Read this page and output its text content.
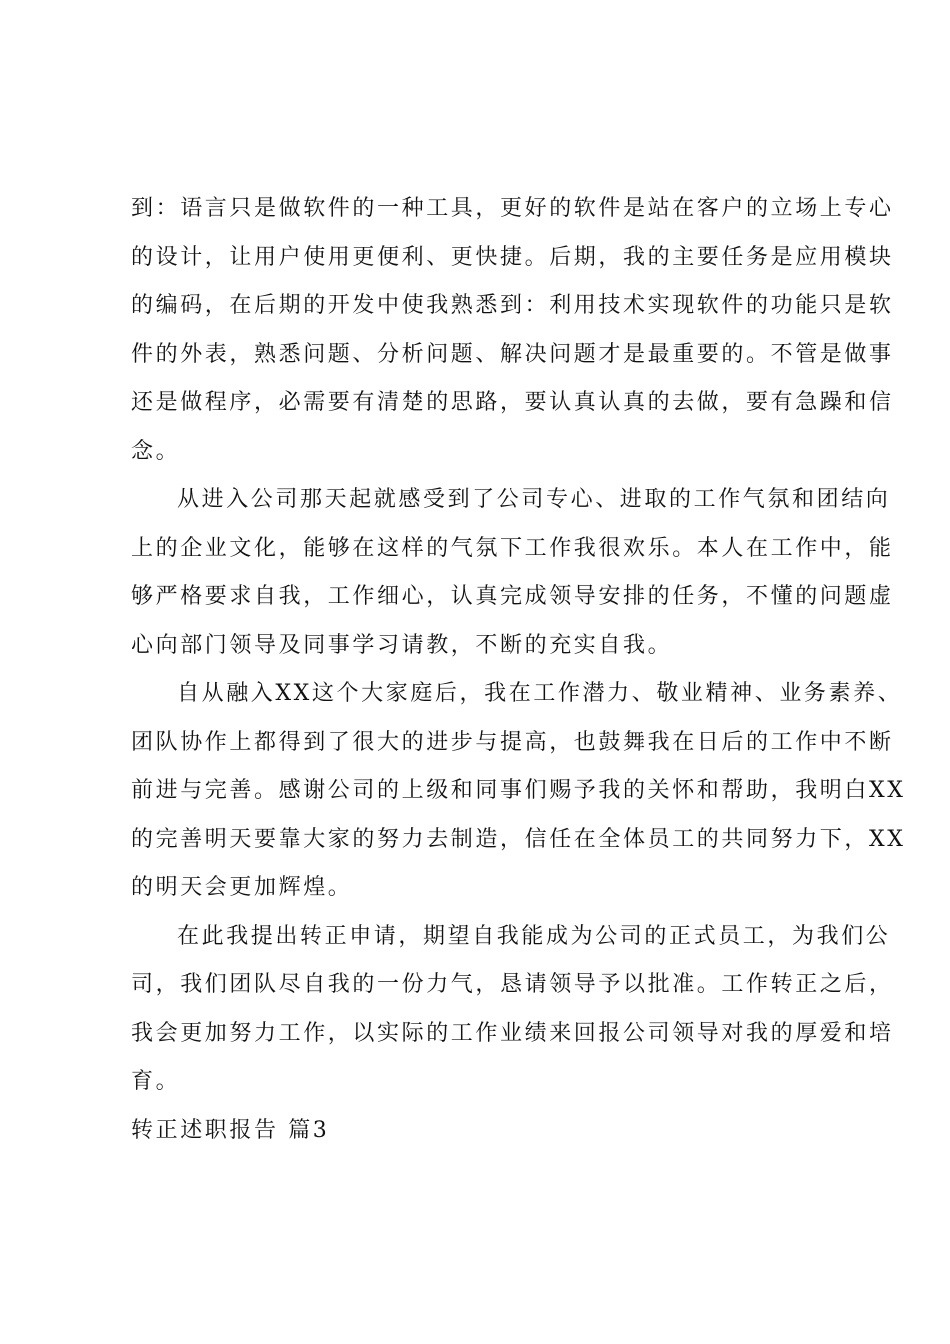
到：语言只是做软件的一种工具，更好的软件是站在客户的立场上专心
的设计，让用户使用更便利、更快捷。后期，我的主要任务是应用模块
的编码，在后期的开发中使我熟悉到：利用技术实现软件的功能只是软
件的外表，熟悉问题、分析问题、解决问题才是最重要的。不管是做事
还是做程序，必需要有清楚的思路，要认真认真的去做，要有急躁和信
念。
从进入公司那天起就感受到了公司专心、进取的工作气氛和团结向
上的企业文化，能够在这样的气氛下工作我很欢乐。本人在工作中，能
够严格要求自我，工作细心，认真完成领导安排的任务，不懂的问题虚
心向部门领导及同事学习请教，不断的充实自我。
自从融入XX这个大家庭后，我在工作潜力、敬业精神、业务素养、
团队协作上都得到了很大的进步与提高，也鼓舞我在日后的工作中不断
前进与完善。感谢公司的上级和同事们赐予我的关怀和帮助，我明白XX
的完善明天要靠大家的努力去制造，信任在全体员工的共同努力下，XX
的明天会更加辉煌。
在此我提出转正申请，期望自我能成为公司的正式员工，为我们公
司，我们团队尽自我的一份力气，恳请领导予以批准。工作转正之后，
我会更加努力工作，以实际的工作业绩来回报公司领导对我的厚爱和培
育。
转正述职报告 篇3
